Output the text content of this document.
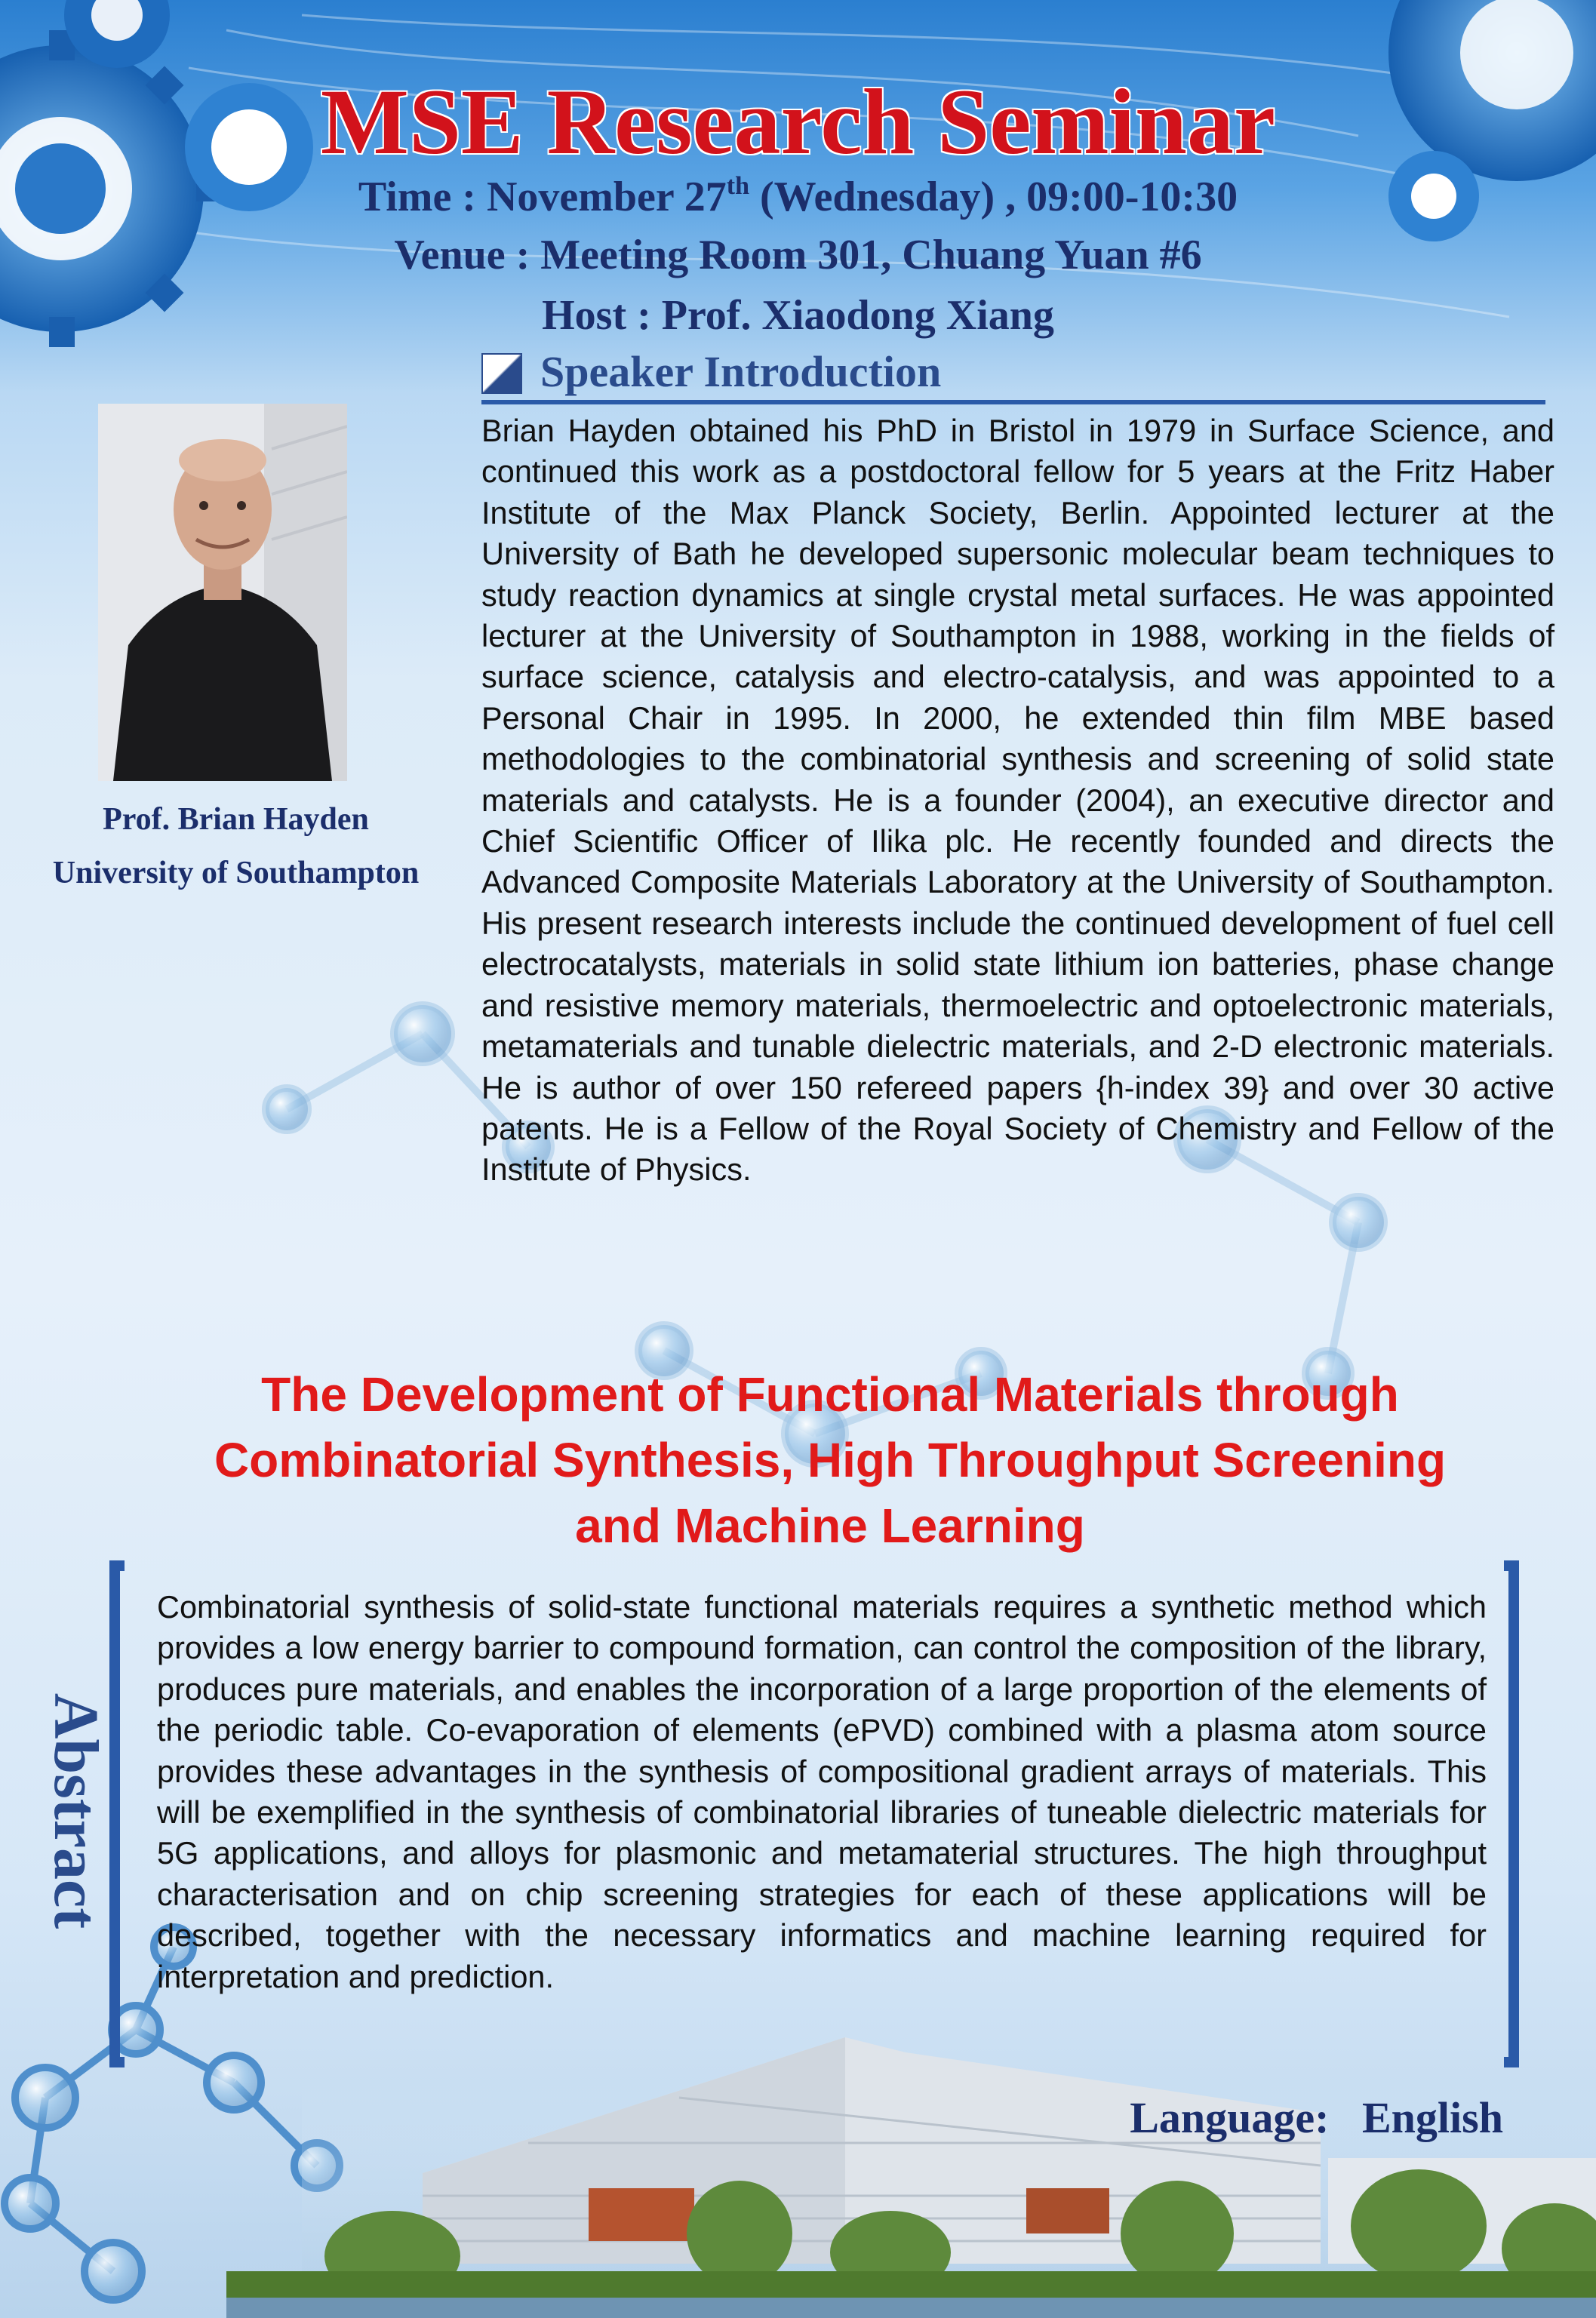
MSE Research Seminar
Time : November 27th (Wednesday) , 09:00-10:30
Venue : Meeting Room 301, Chuang Yuan #6
Host : Prof. Xiaodong Xiang
Speaker Introduction
Prof. Brian Hayden
University of Southampton

Brian Hayden obtained his PhD in Bristol in 1979 in Surface Science, and continued this work as a postdoctoral fellow for 5 years at the Fritz Haber Institute of the Max Planck Society, Berlin. Appointed lecturer at the University of Bath he developed supersonic molecular beam techniques to study reaction dynamics at single crystal metal surfaces. He was appointed lecturer at the University of Southampton in 1988, working in the fields of surface science, catalysis and electro-catalysis, and was appointed to a Personal Chair in 1995. In 2000, he extended thin film MBE based methodologies to the combinatorial synthesis and screening of solid state materials and catalysts. He is a founder (2004), an executive director and Chief Scientific Officer of Ilika plc. He recently founded and directs the Advanced Composite Materials Laboratory at the University of Southampton. His present research interests include the continued development of fuel cell electrocatalysts, materials in solid state lithium ion batteries, phase change and resistive memory materials, thermoelectric and optoelectronic materials, metamaterials and tunable dielectric materials, and 2-D electronic materials. He is author of over 150 refereed papers {h-index 39} and over 30 active patents. He is a Fellow of the Royal Society of Chemistry and Fellow of the Institute of Physics.

The Development of Functional Materials through
Combinatorial Synthesis, High Throughput Screening
and Machine Learning
Abstract

Combinatorial synthesis of solid-state functional materials requires a synthetic method which provides a low energy barrier to compound formation, can control the composition of the library, produces pure materials, and enables the incorporation of a large proportion of the elements of the periodic table. Co-evaporation of elements (ePVD) combined with a plasma atom source provides these advantages in the synthesis of compositional gradient arrays of materials. This will be exemplified in the synthesis of combinatorial libraries of tuneable dielectric materials for 5G applications, and alloys for plasmonic and metamaterial structures. The high throughput characterisation and on chip screening strategies for each of these applications will be described, together with the necessary informatics and machine learning required for interpretation and prediction.

Language:   English
